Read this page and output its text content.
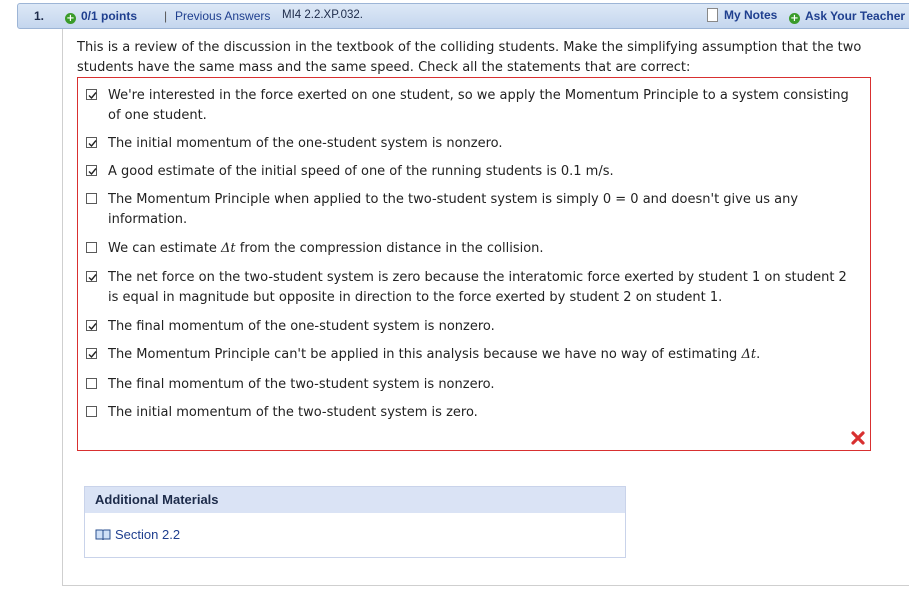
1. + 0/1 points | Previous Answers MI4 2.2.XP.032.	My Notes + Ask Your Teacher
This is a review of the discussion in the textbook of the colliding students. Make the simplifying assumption that the two students have the same mass and the same speed. Check all the statements that are correct:
We're interested in the force exerted on one student, so we apply the Momentum Principle to a system consisting of one student.
The initial momentum of the one-student system is nonzero.
A good estimate of the initial speed of one of the running students is 0.1 m/s.
The Momentum Principle when applied to the two-student system is simply 0 = 0 and doesn't give us any information.
We can estimate Δt from the compression distance in the collision.
The net force on the two-student system is zero because the interatomic force exerted by student 1 on student 2 is equal in magnitude but opposite in direction to the force exerted by student 2 on student 1.
The final momentum of the one-student system is nonzero.
The Momentum Principle can't be applied in this analysis because we have no way of estimating Δt.
The final momentum of the two-student system is nonzero.
The initial momentum of the two-student system is zero.
Additional Materials
Section 2.2
